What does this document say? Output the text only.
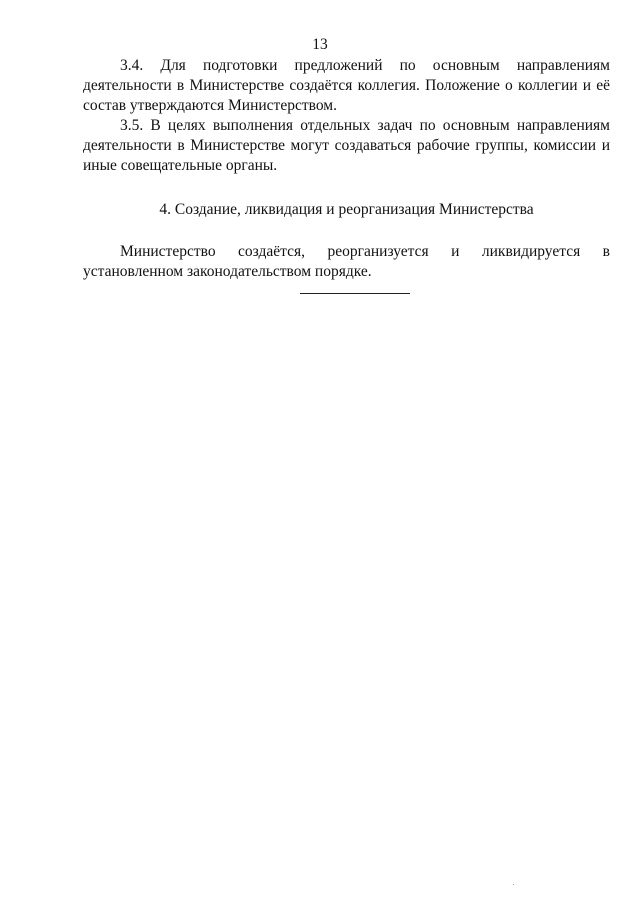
13

3.4. Для подготовки предложений по основным направлениям деятельности в Министерстве создаётся коллегия. Положение о коллегии и её состав утверждаются Министерством.

3.5. В целях выполнения отдельных задач по основным направлениям деятельности в Министерстве могут создаваться рабочие группы, комиссии и иные совещательные органы.

4. Создание, ликвидация и реорганизация Министерства

Министерство создаётся, реорганизуется и ликвидируется в установленном законодательством порядке.
